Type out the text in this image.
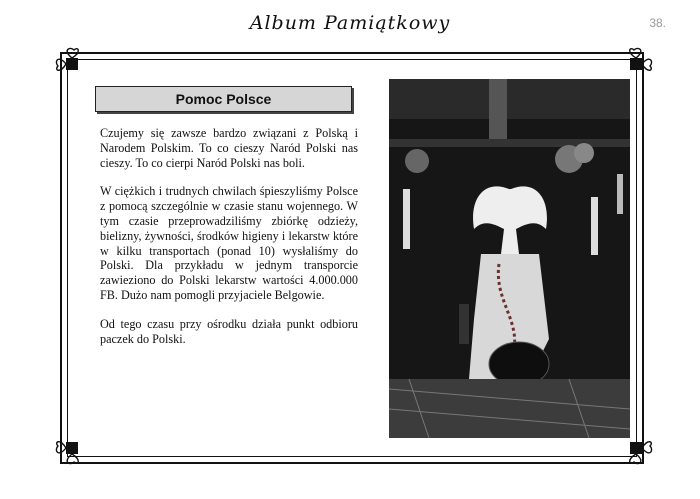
Album Pamiątkowy	38.
Pomoc Polsce

Czujemy się zawsze bardzo związani z Polską i Narodem Polskim. To co cieszy Naród Polski nas cieszy. To co cierpi Naród Polski nas boli.

W ciężkich i trudnych chwilach śpieszyliśmy Polsce z pomocą szczególnie w czasie stanu wojennego. W tym czasie przeprowadziliśmy zbiórkę odzieży, bielizny, żywności, środków higieny i lekarstw które w kilku transportach (ponad 10) wysłaliśmy do Polski. Dla przykładu w jednym transporcie zawieziono do Polski lekarstw wartości 4.000.000 FB. Dużo nam pomogli przyjaciele Belgowie.

Od tego czasu przy ośrodku działa punkt odbioru paczek do Polski.
